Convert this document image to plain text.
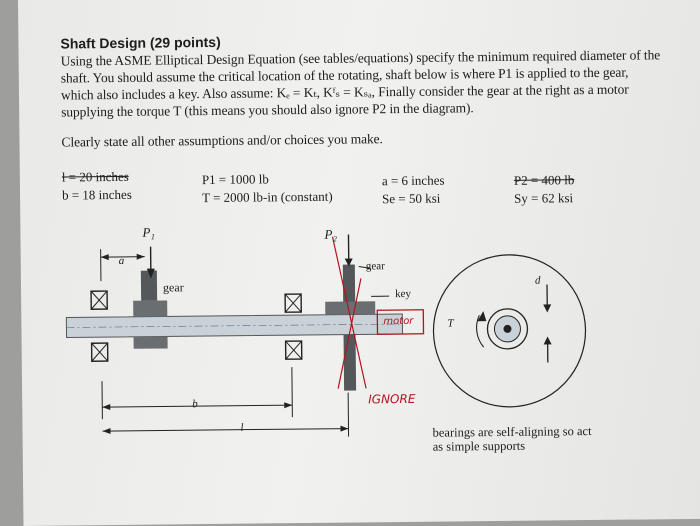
Shaft Design (29 points)
Using the ASME Elliptical Design Equation (see tables/equations) specify the minimum required diameter of the
shaft. You should assume the critical location of the rotating, shaft below is where P1 is applied to the gear,
which also includes a key. Also assume: Kₑ = Kₜ, Kᶠₛ = Kₛₐ, Finally consider the gear at the right as a motor
supplying the torque T (this means you should also ignore P2 in the diagram).
Clearly state all other assumptions and/or choices you make.
l = 20 inches
b = 18 inches
P1 = 1000 lb
T = 2000 lb-in (constant)
a = 6 inches
Se = 50 ksi
P2 = 400 lb
Sy = 62 ksi
P₁	P₂
a
gear
gear
key
motor	T
d
b
l
IGNORE
bearings are self-aligning so act as simple supports
